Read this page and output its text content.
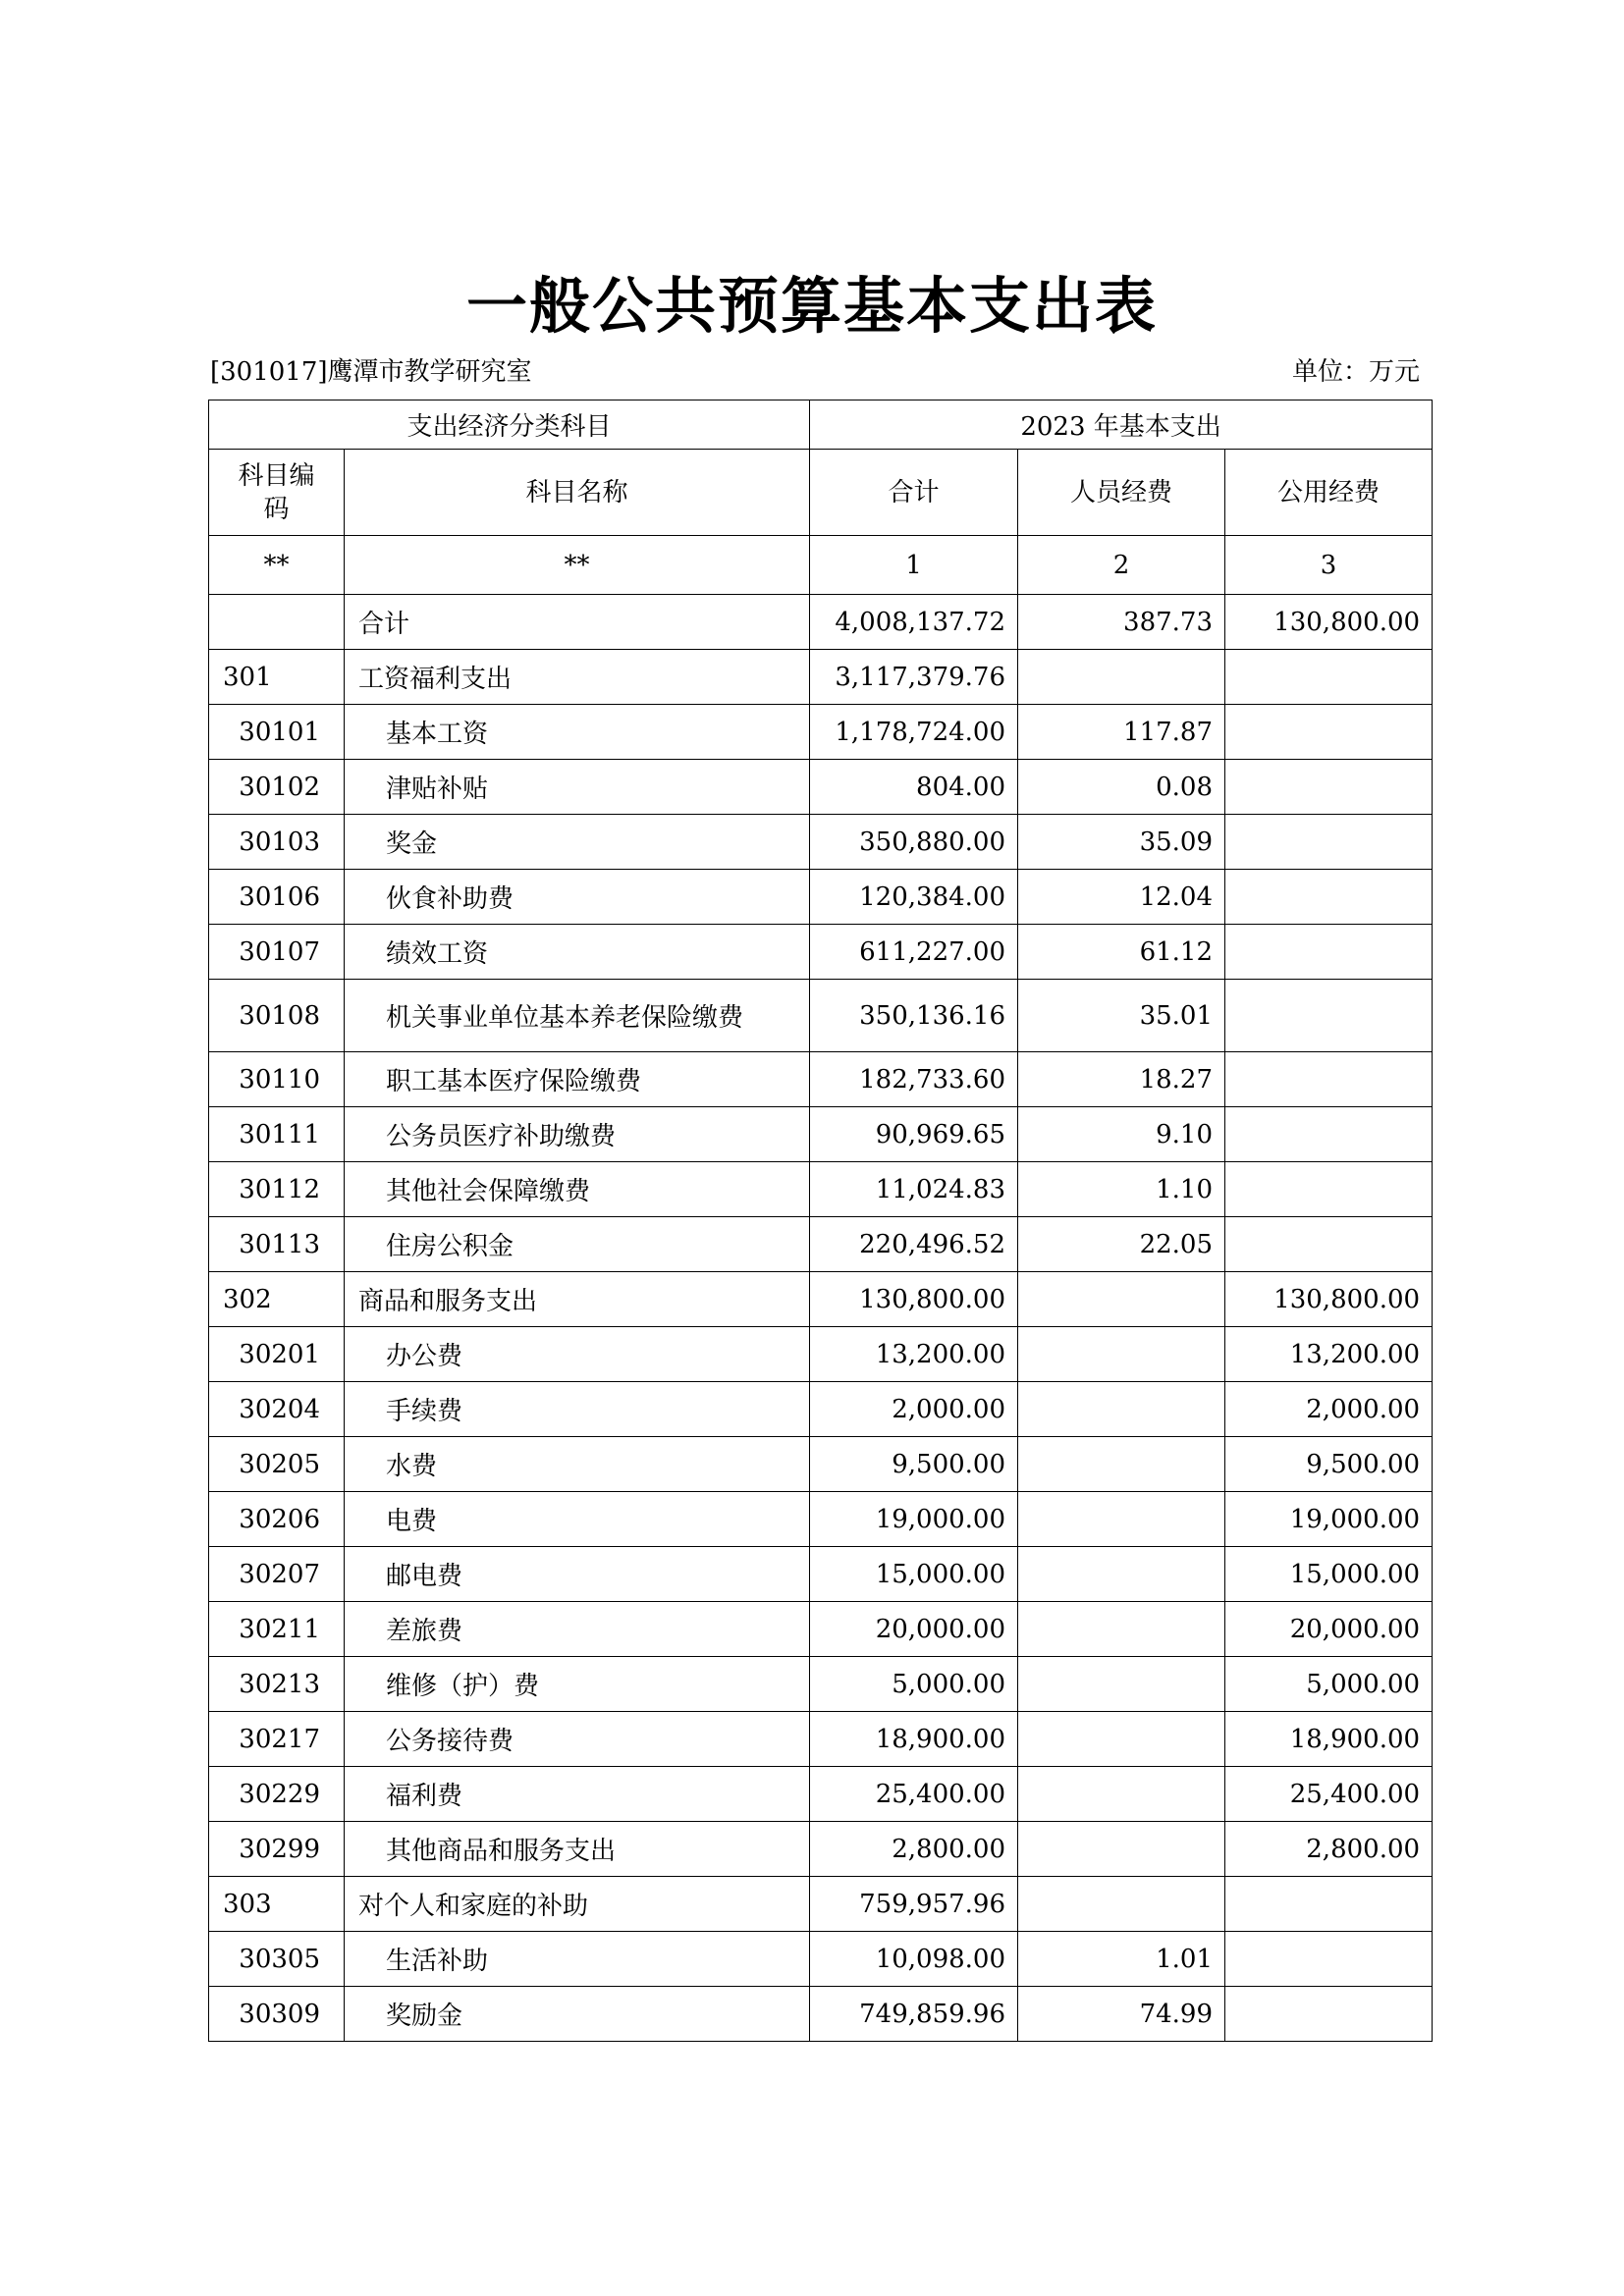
一般公共预算基本支出表
[301017]鹰潭市教学研究室	单位：万元
支出经济分类科目		2023 年基本支出		

科目编
码	科目名称	合计	人员经费	公用经费
**	**	1	2	3
	合计	4,008,137.72	387.73	130,800.00
301	工资福利支出	3,117,379.76		
30101	基本工资	1,178,724.00	117.87	
30102	津贴补贴	804.00	0.08	
30103	奖金	350,880.00	35.09	
30106	伙食补助费	120,384.00	12.04	
30107	绩效工资	611,227.00	61.12	
30108	机关事业单位基本养老保险缴费	350,136.16	35.01	
30110	职工基本医疗保险缴费	182,733.60	18.27	
30111	公务员医疗补助缴费	90,969.65	9.10	
30112	其他社会保障缴费	11,024.83	1.10	
30113	住房公积金	220,496.52	22.05	
302	商品和服务支出	130,800.00		130,800.00
30201	办公费	13,200.00		13,200.00
30204	手续费	2,000.00		2,000.00
30205	水费	9,500.00		9,500.00
30206	电费	19,000.00		19,000.00
30207	邮电费	15,000.00		15,000.00
30211	差旅费	20,000.00		20,000.00
30213	维修（护）费	5,000.00		5,000.00
30217	公务接待费	18,900.00		18,900.00
30229	福利费	25,400.00		25,400.00
30299	其他商品和服务支出	2,800.00		2,800.00
303	对个人和家庭的补助	759,957.96		
30305	生活补助	10,098.00	1.01	
30309	奖励金	749,859.96	74.99	
